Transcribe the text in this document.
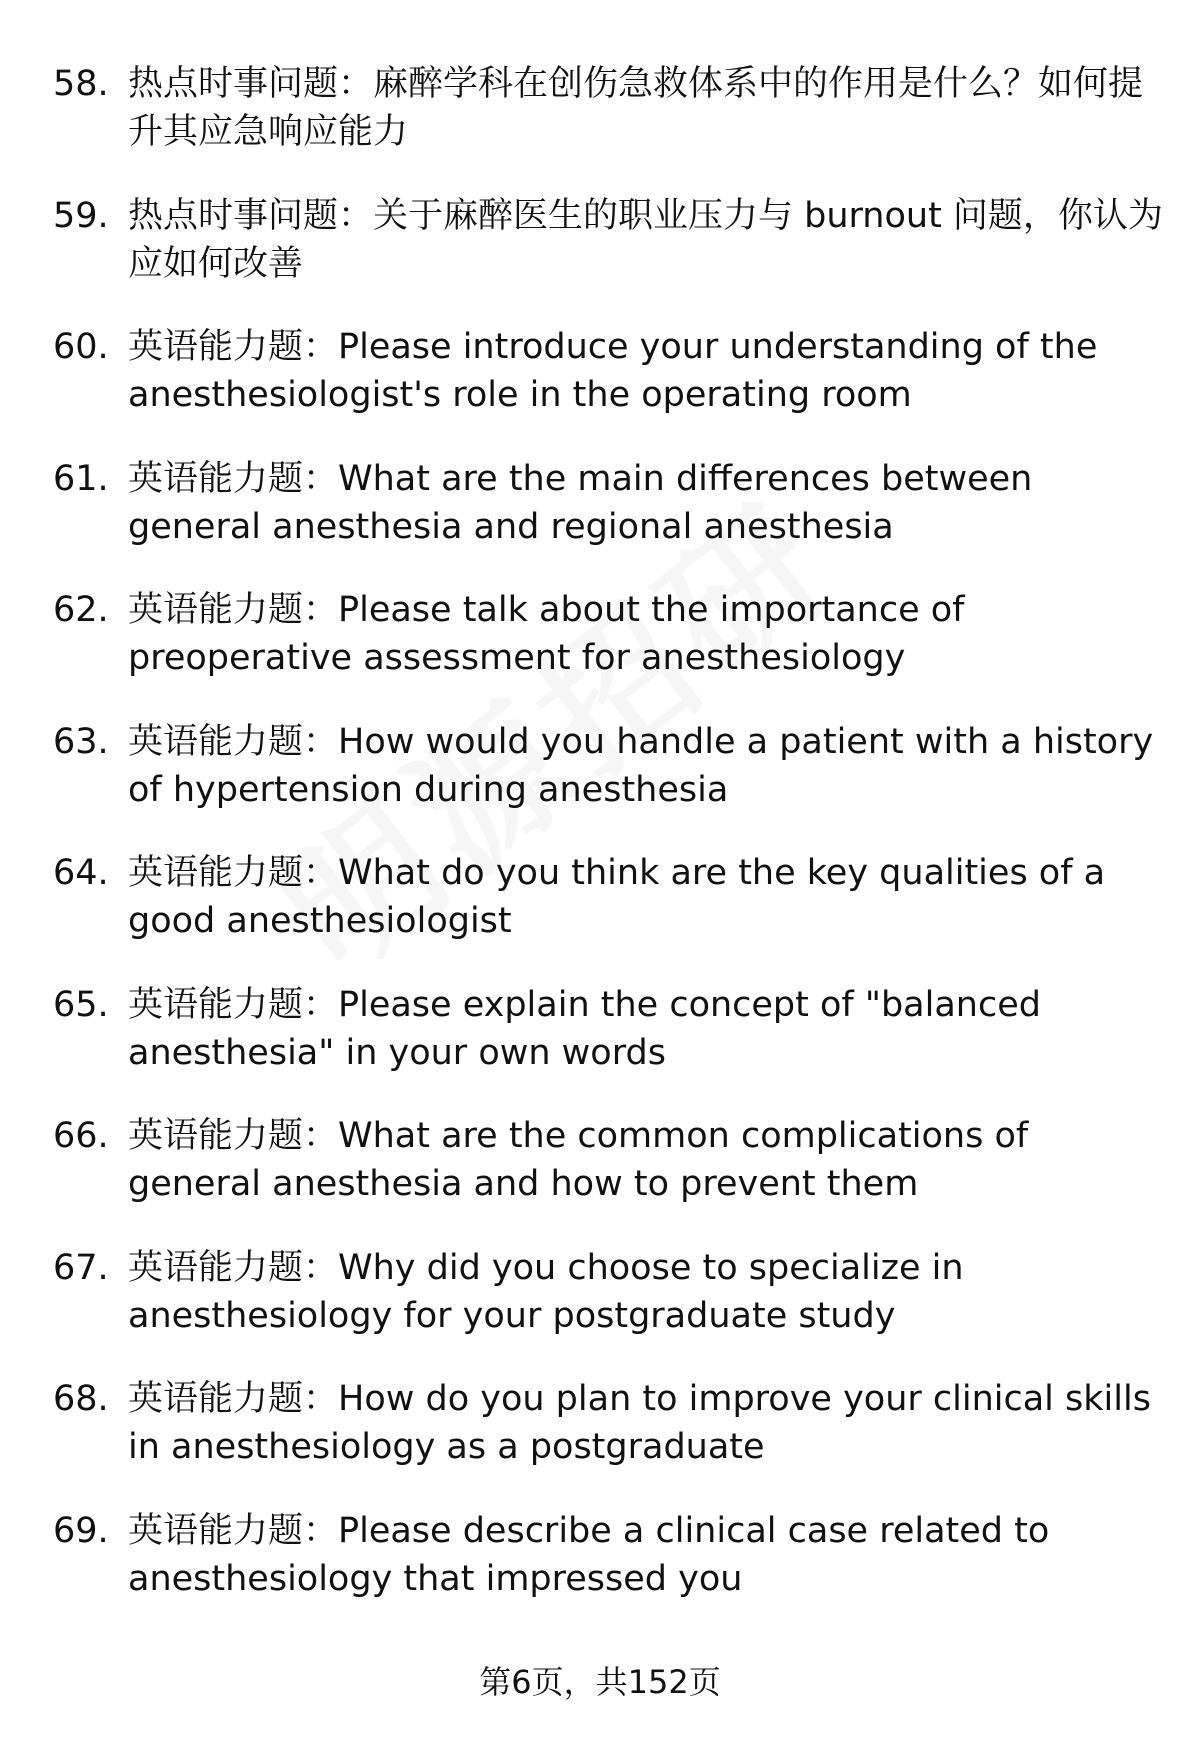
58. 热点时事问题：麻醉学科在创伤急救体系中的作用是什么？如何提升其应急响应能力
59. 热点时事问题：关于麻醉医生的职业压力与 burnout 问题，你认为应如何改善
60. 英语能力题：Please introduce your understanding of the anesthesiologist's role in the operating room
61. 英语能力题：What are the main differences between general anesthesia and regional anesthesia
62. 英语能力题：Please talk about the importance of preoperative assessment for anesthesiology
63. 英语能力题：How would you handle a patient with a history of hypertension during anesthesia
64. 英语能力题：What do you think are the key qualities of a good anesthesiologist
65. 英语能力题：Please explain the concept of "balanced anesthesia" in your own words
66. 英语能力题：What are the common complications of general anesthesia and how to prevent them
67. 英语能力题：Why did you choose to specialize in anesthesiology for your postgraduate study
68. 英语能力题：How do you plan to improve your clinical skills in anesthesiology as a postgraduate
69. 英语能力题：Please describe a clinical case related to anesthesiology that impressed you
第6页，共152页
